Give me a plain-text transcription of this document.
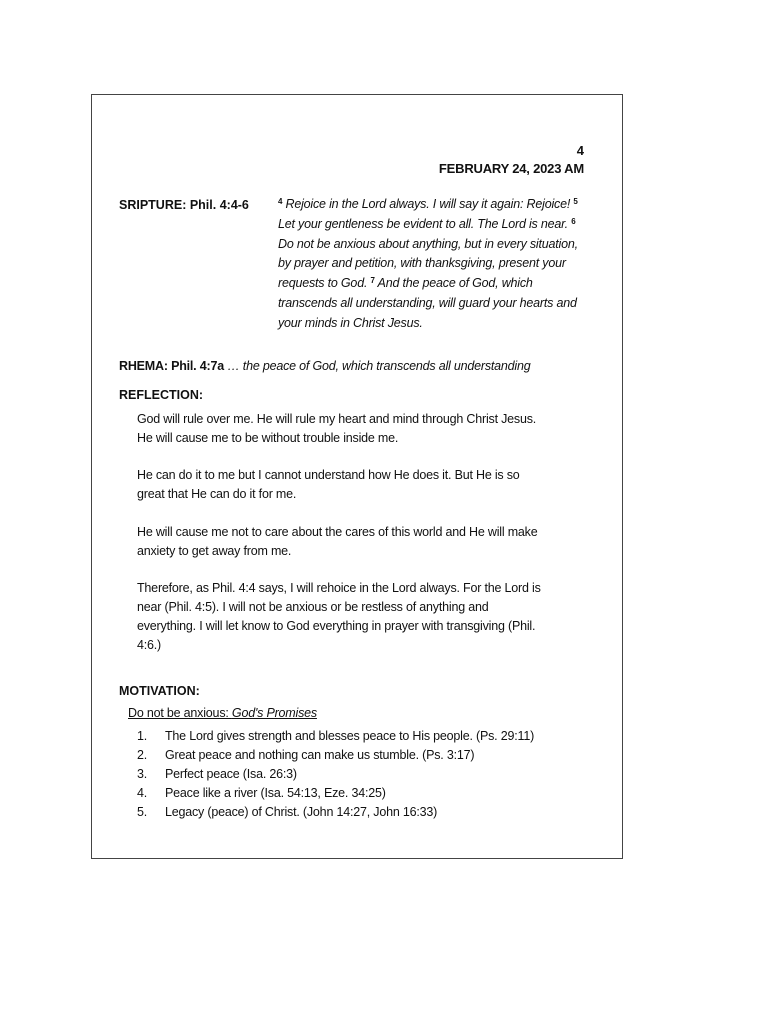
4
FEBRUARY 24, 2023 AM
SRIPTURE: Phil. 4:4-6	$^4$ Rejoice in the Lord always. I will say it again: Rejoice! $^5$ Let your gentleness be evident to all. The Lord is near. $^6$ Do not be anxious about anything, but in every situation, by prayer and petition, with thanksgiving, present your requests to God. $^7$ And the peace of God, which transcends all understanding, will guard your hearts and your minds in Christ Jesus.
RHEMA: Phil. 4:7a … the peace of God, which transcends all understanding
REFLECTION:
God will rule over me. He will rule my heart and mind through Christ Jesus. He will cause me to be without trouble inside me.
He can do it to me but I cannot understand how He does it. But He is so great that He can do it for me.
He will cause me not to care about the cares of this world and He will make anxiety to get away from me.
Therefore, as Phil. 4:4 says, I will rehoice in the Lord always. For the Lord is near (Phil. 4:5). I will not be anxious or be restless of anything and everything. I will let know to God everything in prayer with transgiving (Phil. 4:6.)
MOTIVATION:
Do not be anxious: God's Promises
1. The Lord gives strength and blesses peace to His people. (Ps. 29:11)
2. Great peace and nothing can make us stumble. (Ps. 3:17)
3. Perfect peace (Isa. 26:3)
4. Peace like a river (Isa. 54:13, Eze. 34:25)
5. Legacy (peace) of Christ. (John 14:27, John 16:33)
